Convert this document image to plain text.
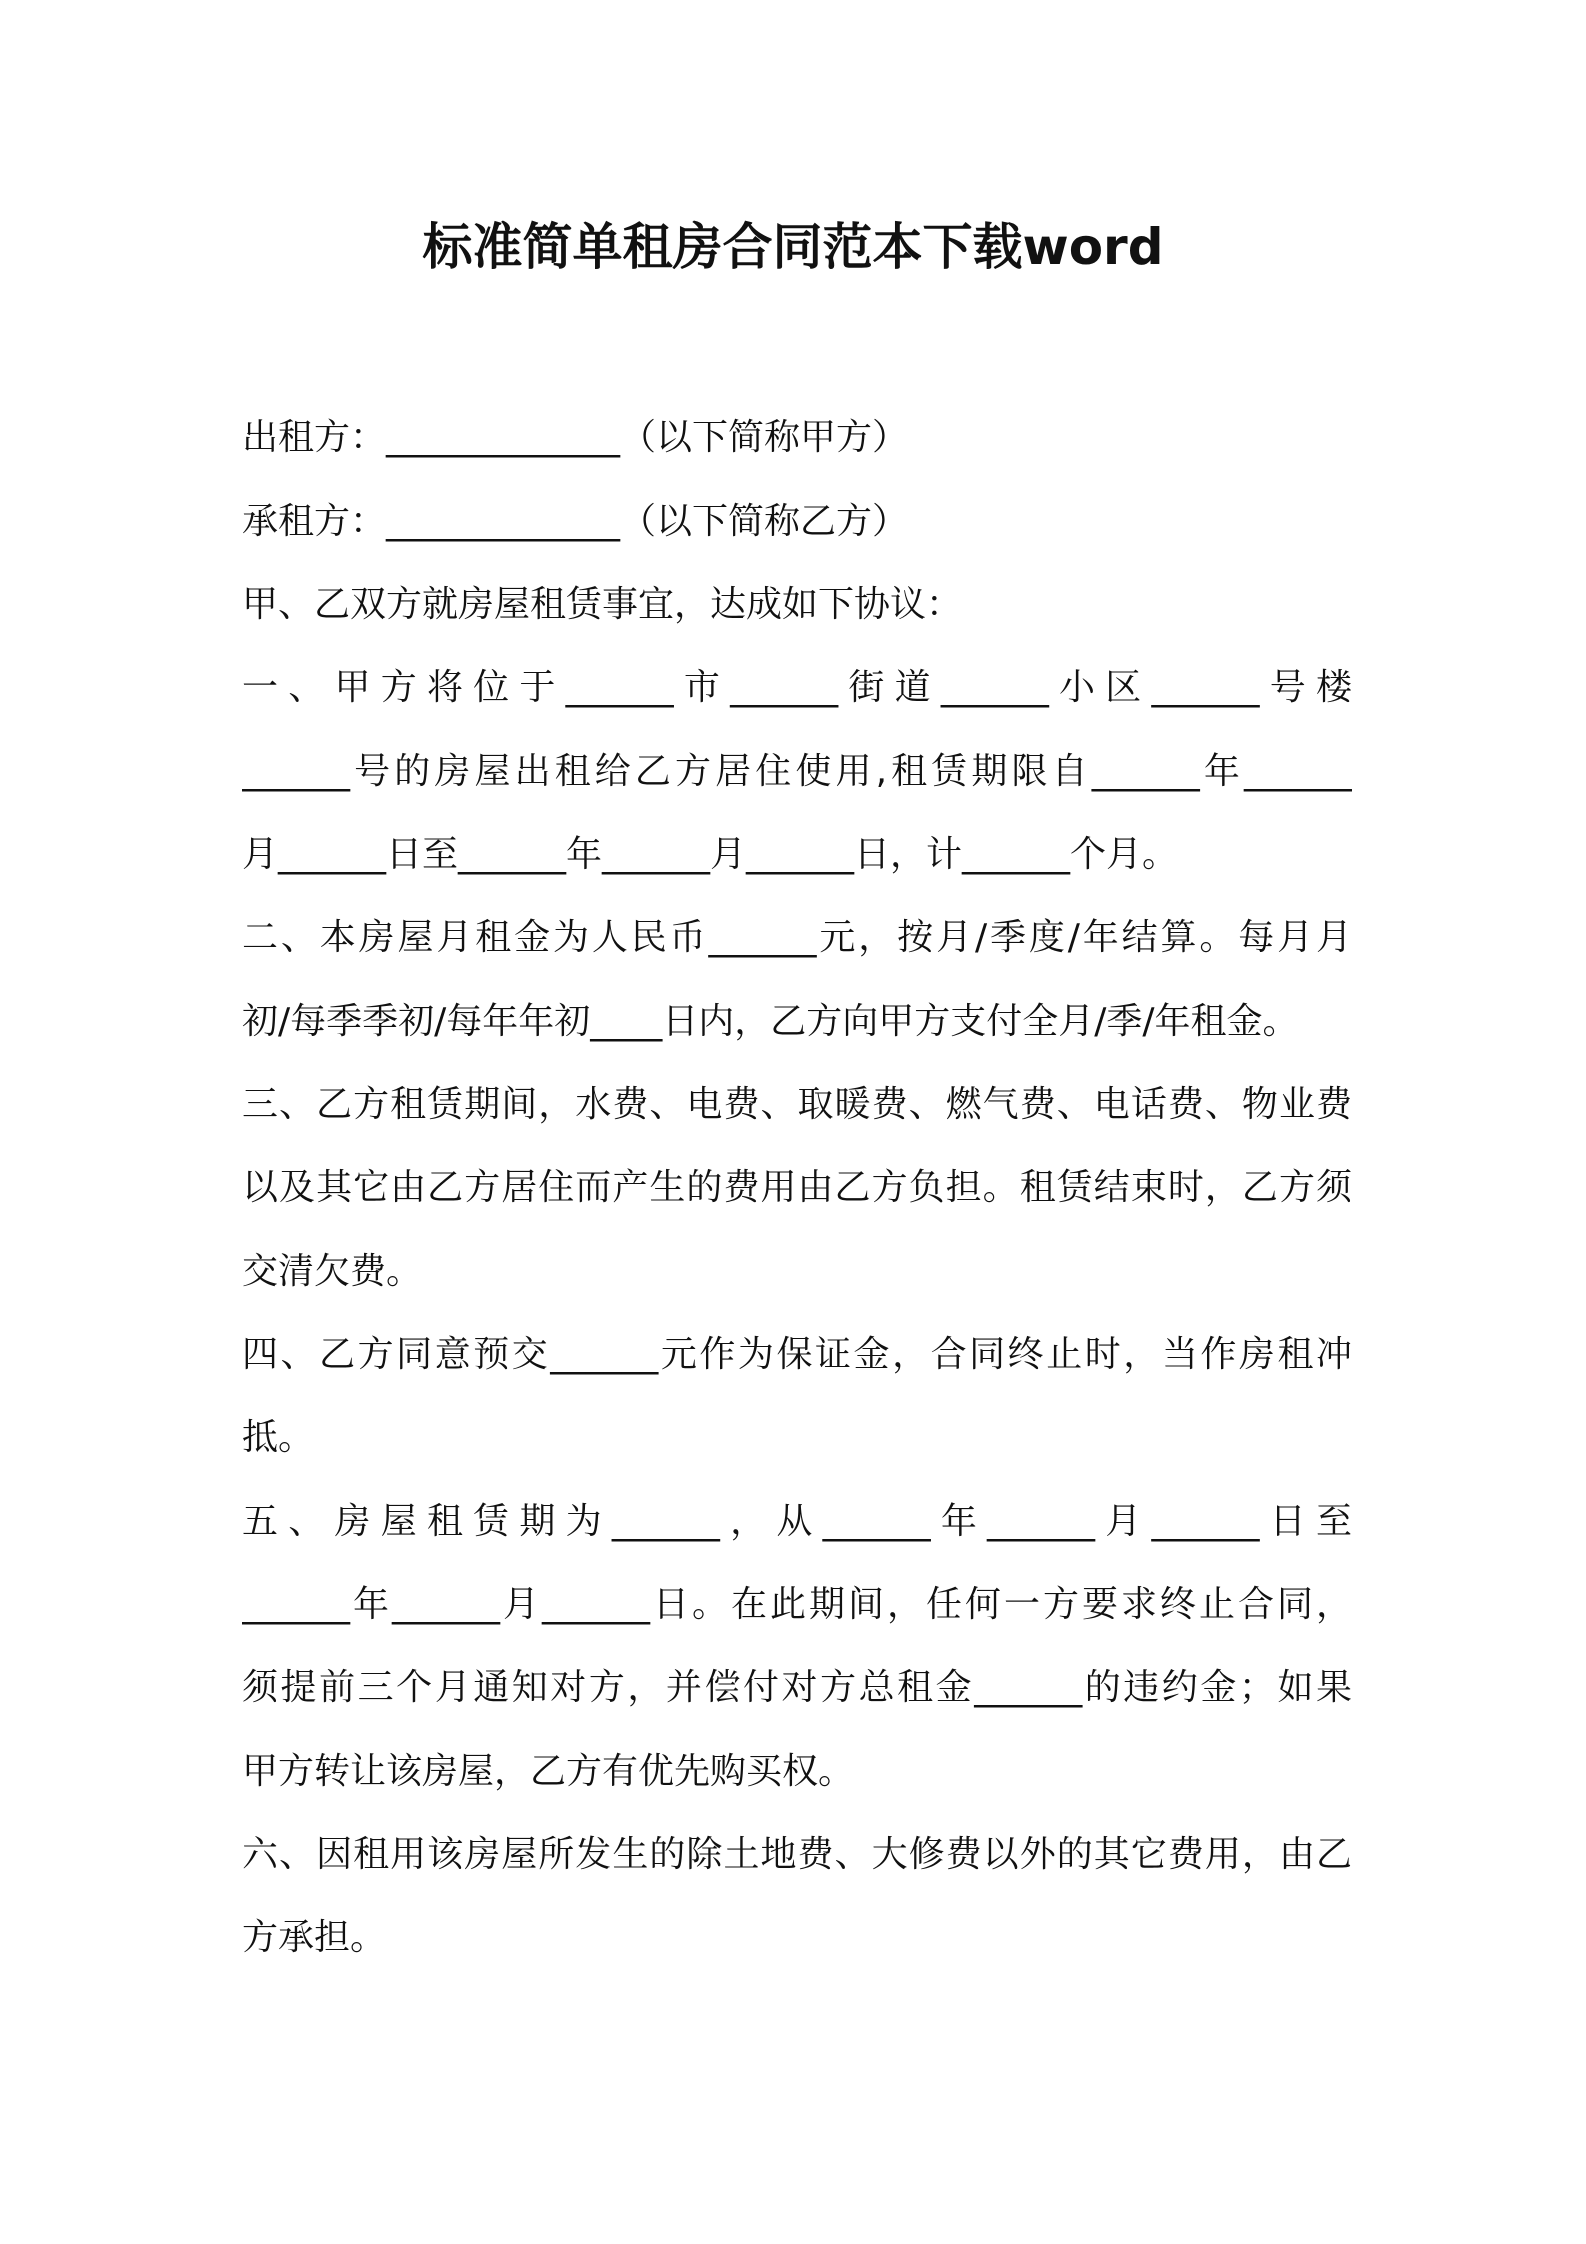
标准简单租房合同范本下载word
出租方：_____________（以下简称甲方）
承租方：_____________（以下简称乙方）
甲、乙双方就房屋租赁事宜，达成如下协议：
一、甲方将位于______市______街道______小区______号楼
______号的房屋出租给乙方居住使用,租赁期限自______年______
月______日至______年______月______日，计______个月。
二、本房屋月租金为人民币______元，按月/季度/年结算。每月月
初/每季季初/每年年初____日内，乙方向甲方支付全月/季/年租金。
三、乙方租赁期间，水费、电费、取暖费、燃气费、电话费、物业费
以及其它由乙方居住而产生的费用由乙方负担。租赁结束时，乙方须
交清欠费。
四、乙方同意预交______元作为保证金，合同终止时，当作房租冲
抵。
五、房屋租赁期为______，从______年______月______日至
______年______月______日。在此期间，任何一方要求终止合同，
须提前三个月通知对方，并偿付对方总租金______的违约金；如果
甲方转让该房屋，乙方有优先购买权。
六、因租用该房屋所发生的除土地费、大修费以外的其它费用，由乙
方承担。
